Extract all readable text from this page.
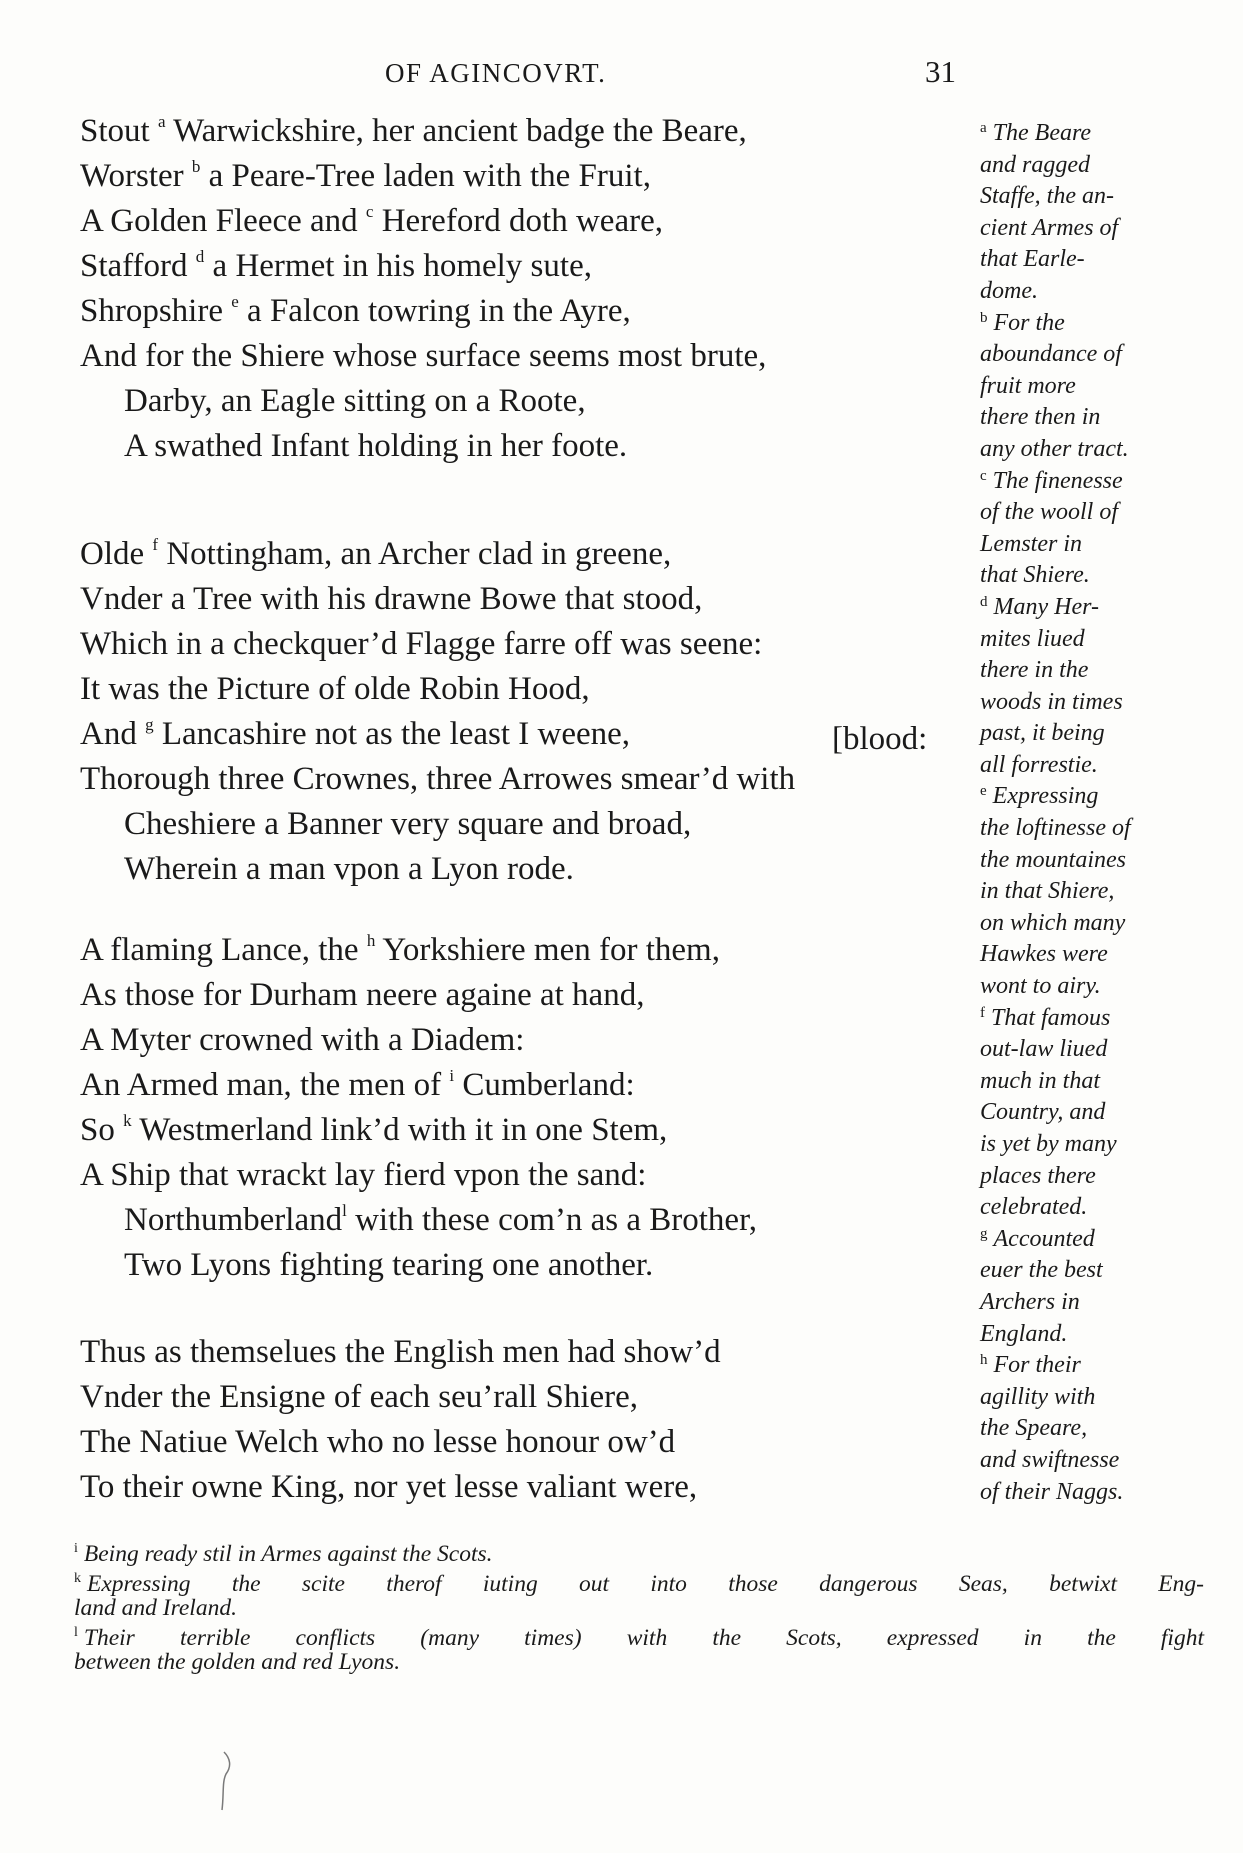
OF AGINCOVRT.	31
Stout $^a$ Warwickshire, her ancient badge the Beare,
Worster $^b$ a Peare-Tree laden with the Fruit,
A Golden Fleece and $^c$ Hereford doth weare,
Stafford $^d$ a Hermet in his homely sute,
Shropshire $^e$ a Falcon towring in the Ayre,
And for the Shiere whose surface seems most brute,
Darby, an Eagle sitting on a Roote,
A swathed Infant holding in her foote.
Olde $^f$ Nottingham, an Archer clad in greene,
Vnder a Tree with his drawne Bowe that stood,
Which in a checkquer’d Flagge farre off was seene:
It was the Picture of olde Robin Hood,
And $^g$ Lancashire not as the least I weene,
Thorough three Crownes, three Arrowes smear’d with
Cheshiere a Banner very square and broad,
Wherein a man vpon a Lyon rode.
[blood:
A flaming Lance, the $^h$ Yorkshiere men for them,
As those for Durham neere againe at hand,
A Myter crowned with a Diadem:
An Armed man, the men of $^i$ Cumberland:
So $^k$ Westmerland link’d with it in one Stem,
A Ship that wrackt lay fierd vpon the sand:
Northumberland$^l$ with these com’n as a Brother,
Two Lyons fighting tearing one another.
Thus as themselues the English men had show’d
Vnder the Ensigne of each seu’rall Shiere,
The Natiue Welch who no lesse honour ow’d
To their owne King, nor yet lesse valiant were,
$^a$ The Beare
and ragged
Staffe, the an-
cient Armes of
that Earle-
dome.
$^b$ For the
aboundance of
fruit more
there then in
any other tract.
$^c$ The finenesse
of the wooll of
Lemster in
that Shiere.
$^d$ Many Her-
mites liued
there in the
woods in times
past, it being
all forrestie.
$^e$ Expressing
the loftinesse of
the mountaines
in that Shiere,
on which many
Hawkes were
wont to airy.
$^f$ That famous
out-law liued
much in that
Country, and
is yet by many
places there
celebrated.
$^g$ Accounted
euer the best
Archers in
England.
$^h$ For their
agillity with
the Speare,
and swiftnesse
of their Naggs.
$^i$ Being ready stil in Armes against the Scots.
$^k$ Expressing the scite therof iuting out into those dangerous Seas, betwixt Eng-
land and Ireland.
$^l$ Their terrible conflicts (many times) with the Scots, expressed in the fight
between the golden and red Lyons.
